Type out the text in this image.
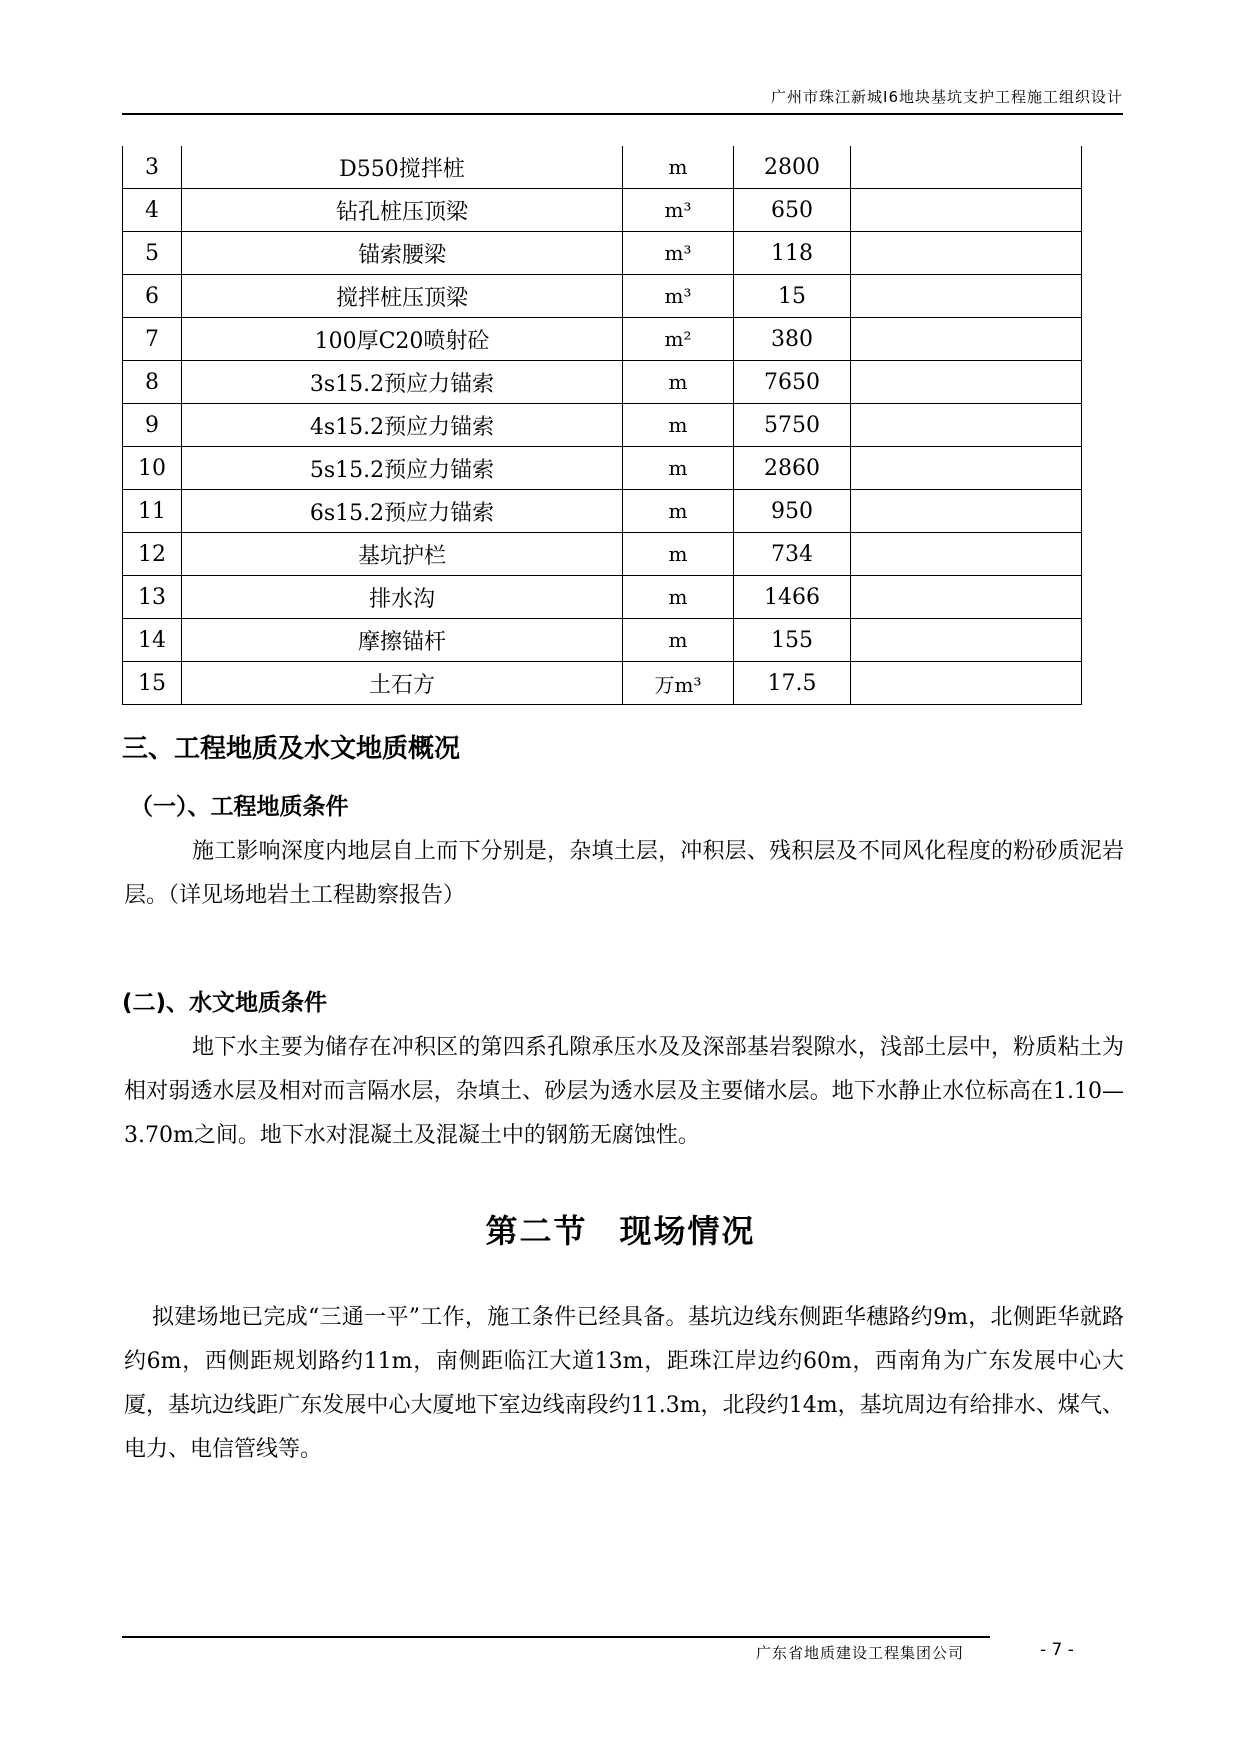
广州市珠江新城I6地块基坑支护工程施工组织设计
3	D550搅拌桩	m	2800	
4	钻孔桩压顶梁	m³	650	
5	锚索腰梁	m³	118	
6	搅拌桩压顶梁	m³	15	
7	100厚C20喷射砼	m²	380	
8	3s15.2预应力锚索	m	7650	
9	4s15.2预应力锚索	m	5750	
10	5s15.2预应力锚索	m	2860	
11	6s15.2预应力锚索	m	950	
12	基坑护栏	m	734	
13	排水沟	m	1466	
14	摩擦锚杆	m	155	
15	土石方	万m³	17.5	
三、工程地质及水文地质概况
（一）、工程地质条件
施工影响深度内地层自上而下分别是，杂填土层，冲积层、残积层及不同风化程度的粉砂质泥岩层。（详见场地岩土工程勘察报告）
(二)、水文地质条件
地下水主要为储存在冲积区的第四系孔隙承压水及及深部基岩裂隙水，浅部土层中，粉质粘土为相对弱透水层及相对而言隔水层，杂填土、砂层为透水层及主要储水层。地下水静止水位标高在1.10—3.70m之间。地下水对混凝土及混凝土中的钢筋无腐蚀性。
第二节 现场情况
拟建场地已完成“三通一平”工作，施工条件已经具备。基坑边线东侧距华穗路约9m，北侧距华就路约6m，西侧距规划路约11m，南侧距临江大道13m，距珠江岸边约60m，西南角为广东发展中心大厦，基坑边线距广东发展中心大厦地下室边线南段约11.3m，北段约14m，基坑周边有给排水、煤气、电力、电信管线等。
广东省地质建设工程集团公司	- 7 -
